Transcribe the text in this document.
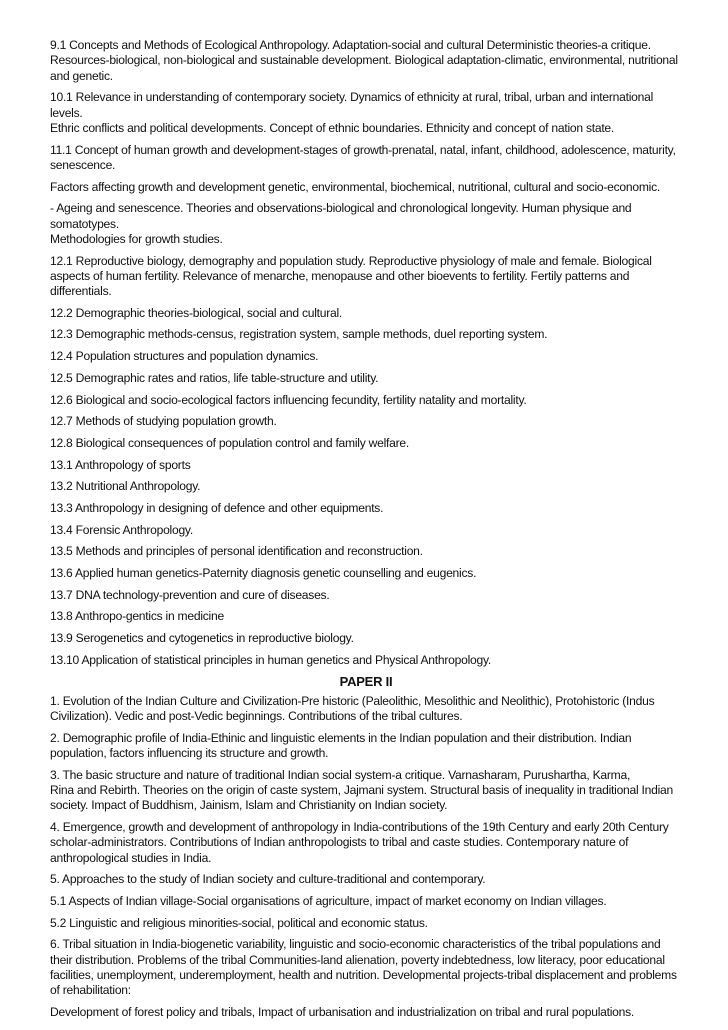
9.1 Concepts and Methods of Ecological Anthropology. Adaptation-social and cultural Deterministic theories-a critique.
Resources-biological, non-biological and sustainable development. Biological adaptation-climatic, environmental, nutritional and genetic.
10.1 Relevance in understanding of contemporary society. Dynamics of ethnicity at rural, tribal, urban and international levels.
Ethric conflicts and political developments. Concept of ethnic boundaries. Ethnicity and concept of nation state.
11.1 Concept of human growth and development-stages of growth-prenatal, natal, infant, childhood, adolescence, maturity, senescence.
Factors affecting growth and development genetic, environmental, biochemical, nutritional, cultural and socio-economic.
- Ageing and senescence. Theories and observations-biological and chronological longevity. Human physique and somatotypes.
Methodologies for growth studies.
12.1 Reproductive biology, demography and population study. Reproductive physiology of male and female. Biological aspects of human fertility. Relevance of menarche, menopause and other bioevents to fertility. Fertily patterns and differentials.
12.2 Demographic theories-biological, social and cultural.
12.3 Demographic methods-census, registration system, sample methods, duel reporting system.
12.4 Population structures and population dynamics.
12.5 Demographic rates and ratios, life table-structure and utility.
12.6 Biological and socio-ecological factors influencing fecundity, fertility natality and mortality.
12.7 Methods of studying population growth.
12.8 Biological consequences of population control and family welfare.
13.1 Anthropology of sports
13.2 Nutritional Anthropology.
13.3 Anthropology in designing of defence and other equipments.
13.4 Forensic Anthropology.
13.5 Methods and principles of personal identification and reconstruction.
13.6 Applied human genetics-Paternity diagnosis genetic counselling and eugenics.
13.7 DNA technology-prevention and cure of diseases.
13.8 Anthropo-gentics in medicine
13.9 Serogenetics and cytogenetics in reproductive biology.
13.10 Application of statistical principles in human genetics and Physical Anthropology.
PAPER II
1. Evolution of the Indian Culture and Civilization-Pre historic (Paleolithic, Mesolithic and Neolithic), Protohistoric (Indus Civilization). Vedic and post-Vedic beginnings. Contributions of the tribal cultures.
2. Demographic profile of India-Ethinic and linguistic elements in the Indian population and their distribution. Indian population, factors influencing its structure and growth.
3. The basic structure and nature of traditional Indian social system-a critique. Varnasharam, Purushartha, Karma,
Rina and Rebirth. Theories on the origin of caste system, Jajmani system. Structural basis of inequality in traditional Indian society. Impact of Buddhism, Jainism, Islam and Christianity on Indian society.
4. Emergence, growth and development of anthropology in India-contributions of the 19th Century and early 20th Century scholar-administrators. Contributions of Indian anthropologists to tribal and caste studies. Contemporary nature of anthropological studies in India.
5. Approaches to the study of Indian society and culture-traditional and contemporary.
5.1 Aspects of Indian village-Social organisations of agriculture, impact of market economy on Indian villages.
5.2 Linguistic and religious minorities-social, political and economic status.
6. Tribal situation in India-biogenetic variability, linguistic and socio-economic characteristics of the tribal populations and their distribution. Problems of the tribal Communities-land alienation, poverty indebtedness, low literacy, poor educational facilities, unemployment, underemployment, health and nutrition. Developmental projects-tribal displacement and problems of rehabilitation:
Development of forest policy and tribals, Impact of urbanisation and industrialization on tribal and rural populations.
